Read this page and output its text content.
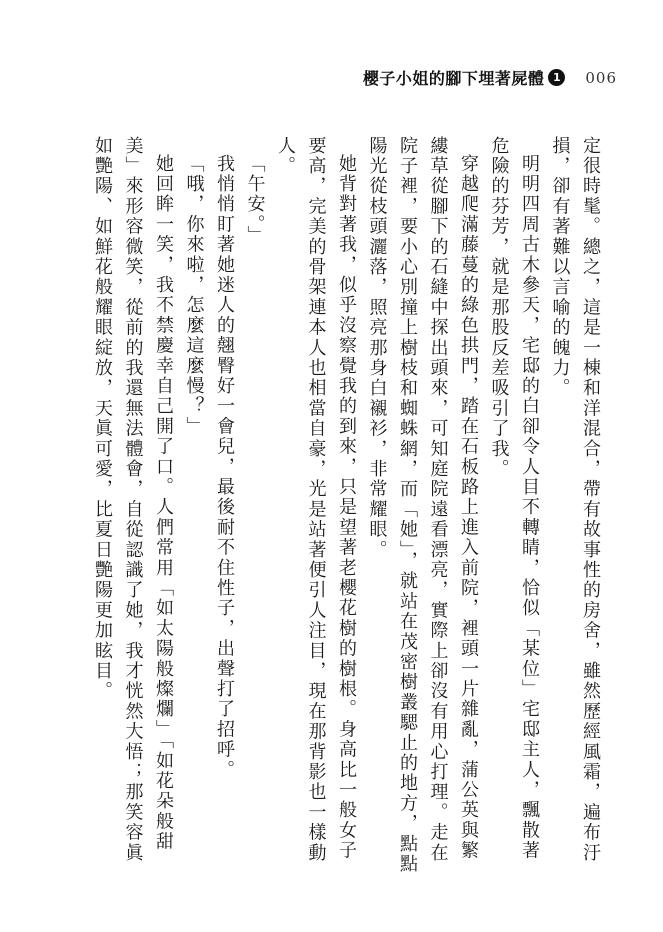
櫻子小姐的腳下埋著屍體 1	006

定很時髦。總之，這是一棟和洋混合，帶有故事性的房舍，雖然歷經風霜，遍布汙損，卻有著難以言喻的魄力。

明明四周古木參天，宅邸的白卻令人目不轉睛，恰似「某位」宅邸主人，飄散著危險的芬芳，就是那股反差吸引了我。

穿越爬滿藤蔓的綠色拱門，踏在石板路上進入前院，裡頭一片雜亂，蒲公英與繁縷草從腳下的石縫中探出頭來，可知庭院遠看漂亮，實際上卻沒有用心打理。走在院子裡，要小心別撞上樹枝和蜘蛛網，而「她」，就站在茂密樹叢騦止的地方，點點陽光從枝頭灑落，照亮那身白襯衫，非常耀眼。

她背對著我，似乎沒察覺我的到來，只是望著老櫻花樹的樹根。身高比一般女子要高，完美的骨架連本人也相當自豪，光是站著便引人注目，現在那背影也一樣動人。

「午安。」

我悄悄盯著她迷人的翹臀好一會兒，最後耐不住性子，出聲打了招呼。

「哦，你來啦，怎麼這麼慢？」

她回眸一笑，我不禁慶幸自己開了口。人們常用「如太陽般燦爛」「如花朵般甜美」來形容微笑，從前的我還無法體會，自從認識了她，我才恍然大悟；那笑容眞如艷陽、如鮮花般耀眼綻放，天眞可愛，比夏日艷陽更加眩目。
